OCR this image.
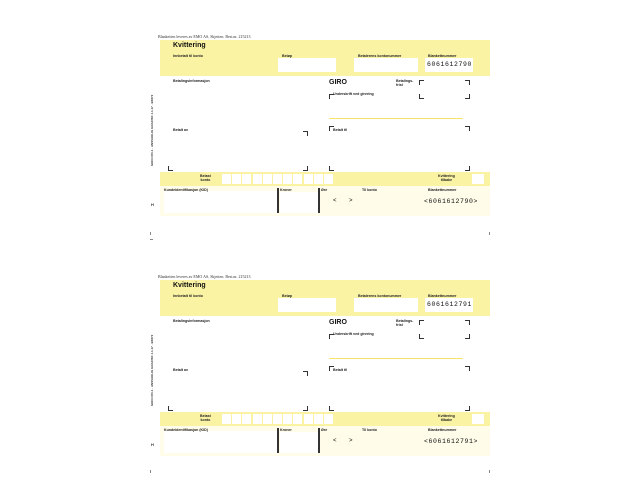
Blanketten leveres av EMO AS, Skjetten. Best.nr. 215213
Kvittering
Innbetalt til konto	Beløp	Betalerens kontonummer	Blankettnummer
6061612790
Betalingsinformasjon	GIRO	Betalings-
frist
Underskrift ved girering
GIRO F60-1 · ANSVARLIG GRAFISK 1.1.17 · B0872	Betalt av	Betalt til
Belast
konto
Kvittering
tilbake
H
Kundeidentifikasjon (KID)	Kroner	Øre
< >
Til konto	Blankettnummer
<6061612790>
Blanketten leveres av EMO AS, Skjetten. Best.nr. 215213
Kvittering
Innbetalt til konto	Beløp	Betalerens kontonummer	Blankettnummer
6061612791
Betalingsinformasjon	GIRO	Betalings-
frist
Underskrift ved girering
GIRO F60-1 · ANSVARLIG GRAFISK 1.1.17 · B0872	Betalt av	Betalt til
Belast
konto
Kvittering
tilbake
H
Kundeidentifikasjon (KID)	Kroner	Øre
< >
Til konto	Blankettnummer
<6061612791>
